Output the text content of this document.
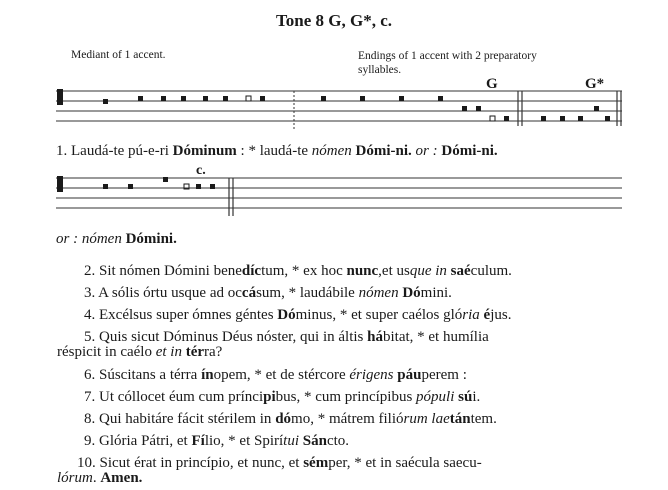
Tone 8 G, G*, c.
Mediant of 1 accent.	Endings of 1 accent with 2 preparatory
syllables.
G	G*
c.
1. Laudá-te pú-e-ri Dóminum : * laudá-te nómen Dómi-ni. or : Dómi-ni.
or : nómen Dómini.
2. Sit nómen Dómini benedíctum, * ex hoc nunc,et usque in saéculum.
3. A sólis órtu usque ad occásum, * laudábile nómen Dómini.
4. Excélsus super ómnes géntes Dóminus, * et super caélos glória éjus.
5. Quis sicut Dóminus Déus nóster, qui in áltis hábitat, * et humília
réspicit in caélo et in térra?
6. Súscitans a térra ínopem, * et de stércore érigens páuperem :
7. Ut cóllocet éum cum príncipibus, * cum princípibus pópuli súi.
8. Qui habitáre fácit stérilem in dómo, * mátrem filiórum laetántem.
9. Glória Pátri, et Fílio, * et Spirítui Sáncto.
10. Sicut érat in princípio, et nunc, et sémper, * et in saécula saecu-
lórum. Amen.
